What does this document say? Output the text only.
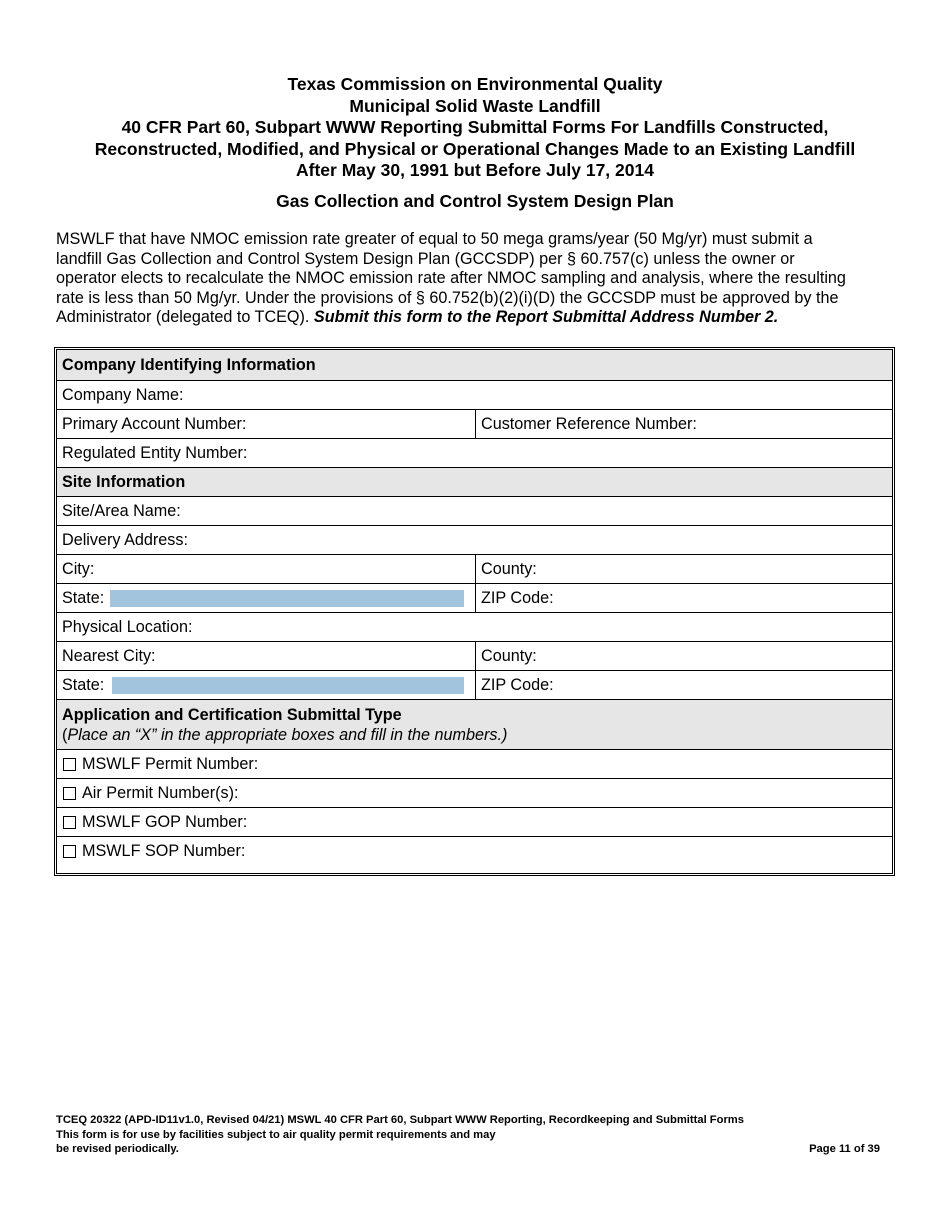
Texas Commission on Environmental Quality
Municipal Solid Waste Landfill
40 CFR Part 60, Subpart WWW Reporting Submittal Forms For Landfills Constructed,
Reconstructed, Modified, and Physical or Operational Changes Made to an Existing Landfill
After May 30, 1991 but Before July 17, 2014
Gas Collection and Control System Design Plan
MSWLF that have NMOC emission rate greater of equal to 50 mega grams/year (50 Mg/yr) must submit a
landfill Gas Collection and Control System Design Plan (GCCSDP) per § 60.757(c) unless the owner or
operator elects to recalculate the NMOC emission rate after NMOC sampling and analysis, where the resulting
rate is less than 50 Mg/yr. Under the provisions of § 60.752(b)(2)(i)(D) the GCCSDP must be approved by the
Administrator (delegated to TCEQ). Submit this form to the Report Submittal Address Number 2.
Company Identifying Information
Company Name:
Primary Account Number:	Customer Reference Number:
Regulated Entity Number:
Site Information
Site/Area Name:
Delivery Address:
City:	County:
State:	ZIP Code:
Physical Location:
Nearest City:	County:
State:	ZIP Code:
Application and Certification Submittal Type
(Place an “X” in the appropriate boxes and fill in the numbers.)
MSWLF Permit Number:
Air Permit Number(s):
MSWLF GOP Number:
MSWLF SOP Number:
TCEQ 20322 (APD-ID11v1.0, Revised 04/21) MSWL 40 CFR Part 60, Subpart WWW Reporting, Recordkeeping and Submittal Forms
This form is for use by facilities subject to air quality permit requirements and may
be revised periodically.	Page 11 of 39
